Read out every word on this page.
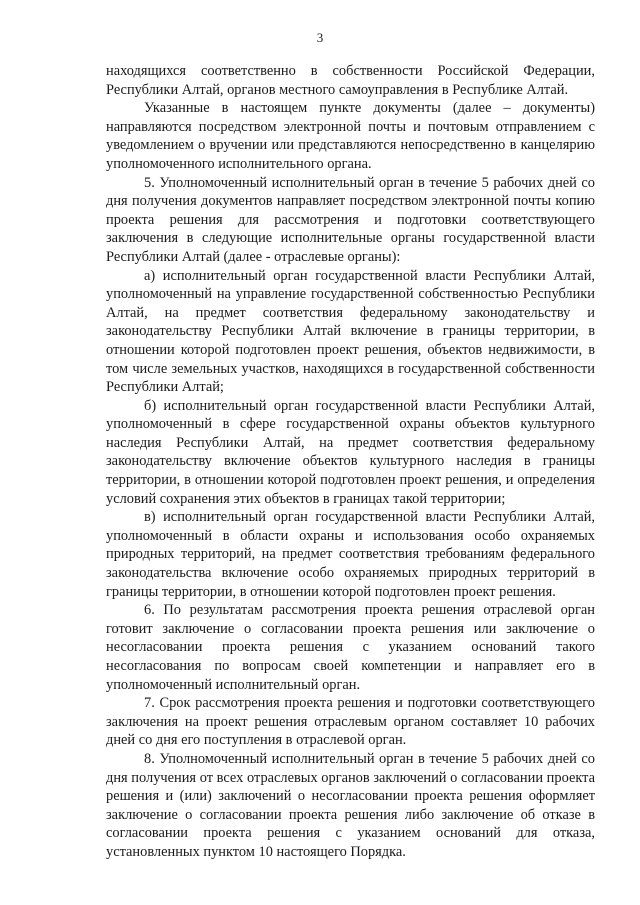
3

находящихся соответственно в собственности Российской Федерации, Республики Алтай, органов местного самоуправления в Республике Алтай.

Указанные в настоящем пункте документы (далее – документы) направляются посредством электронной почты и почтовым отправлением с уведомлением о вручении или представляются непосредственно в канцелярию уполномоченного исполнительного органа.

5. Уполномоченный исполнительный орган в течение 5 рабочих дней со дня получения документов направляет посредством электронной почты копию проекта решения для рассмотрения и подготовки соответствующего заключения в следующие исполнительные органы государственной власти Республики Алтай (далее - отраслевые органы):

а) исполнительный орган государственной власти Республики Алтай, уполномоченный на управление государственной собственностью Республики Алтай, на предмет соответствия федеральному законодательству и законодательству Республики Алтай включение в границы территории, в отношении которой подготовлен проект решения, объектов недвижимости, в том числе земельных участков, находящихся в государственной собственности Республики Алтай;

б) исполнительный орган государственной власти Республики Алтай, уполномоченный в сфере государственной охраны объектов культурного наследия Республики Алтай, на предмет соответствия федеральному законодательству включение объектов культурного наследия в границы территории, в отношении которой подготовлен проект решения, и определения условий сохранения этих объектов в границах такой территории;

в) исполнительный орган государственной власти Республики Алтай, уполномоченный в области охраны и использования особо охраняемых природных территорий, на предмет соответствия требованиям федерального законодательства включение особо охраняемых природных территорий в границы территории, в отношении которой подготовлен проект решения.

6. По результатам рассмотрения проекта решения отраслевой орган готовит заключение о согласовании проекта решения или заключение о несогласовании проекта решения с указанием оснований такого несогласования по вопросам своей компетенции и направляет его в уполномоченный исполнительный орган.

7. Срок рассмотрения проекта решения и подготовки соответствующего заключения на проект решения отраслевым органом составляет 10 рабочих дней со дня его поступления в отраслевой орган.

8. Уполномоченный исполнительный орган в течение 5 рабочих дней со дня получения от всех отраслевых органов заключений о согласовании проекта решения и (или) заключений о несогласовании проекта решения оформляет заключение о согласовании проекта решения либо заключение об отказе в согласовании проекта решения с указанием оснований для отказа, установленных пунктом 10 настоящего Порядка.
